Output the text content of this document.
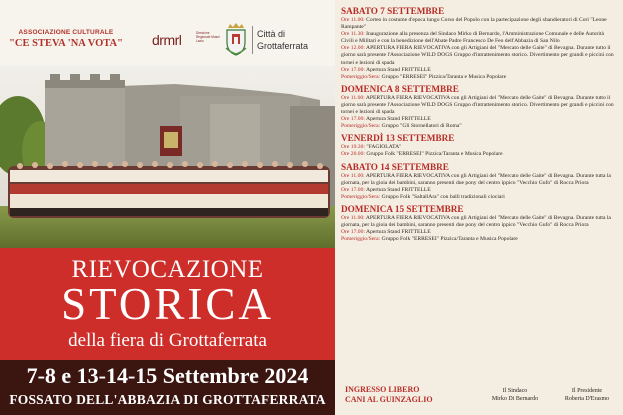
ASSOCIAZIONE CULTURALE
"CE STEVA 'NA VOTA" drmrl	Direzione Regionale Musei Lazio
Città di
Grottaferrata
RIEVOCAZIONE
STORICA
della fiera di Grottaferrata
7-8 e 13-14-15 Settembre 2024
FOSSATO DELL'ABBAZIA DI GROTTAFERRATA
SABATO 7 SETTEMBRE
Ore 11.00: Corteo in costume d'epoca lungo Corso del Popolo con la partecipazione degli sbandieratori di Cori "Leone Rampante"
Ore 11.30: Inaugurazione alla presenza del Sindaco Mirko di Bernardo, l'Amministrazione Comunale e delle Autorità Civili e Militari e con la benedizione dell'Abate Padre Francesco De Feo dell'Abbazia di San Nilo
Ore 12.00: APERTURA FIERA RIEVOCATIVA con gli Artigiani del "Mercato delle Gaite" di Bevagna. Durante tutto il giorno sarà presente l'Associazione WILD DOGS Gruppo d'intrattenimento storico. Divertimento per grandi e piccini con tornei e lezioni di spada
Ore 17.00: Apertura Stand FRITTELLE
Pomeriggio/Sera: Gruppo "ERRESEI" Pizzica/Taranta e Musica Popolare
DOMENICA 8 SETTEMBRE
Ore 11.00: APERTURA FIERA RIEVOCATIVA con gli Artigiani del "Mercato delle Gaite" di Bevagna. Durante tutto il giorno sarà presente l'Associazione WILD DOGS Gruppo d'intrattenimento storico. Divertimento per grandi e piccini con tornei e lezioni di spada
Ore 17.00: Apertura Stand FRITTELLE
Pomeriggio/Sera: Gruppo "Gli Stornellatori di Roma"
VENERDÌ 13 SETTEMBRE
Ore 19.30: "FAGIOLATA"
Ore 20.00: Gruppo Folk "ERRESEI" Pizzica/Taranta e Musica Popolare
SABATO 14 SETTEMBRE
Ore 11.00: APERTURA FIERA RIEVOCATIVA con gli Artigiani del "Mercato delle Gaite" di Bevagna. Durante tutta la giornata, per la gioia dei bambini, saranno presenti due pony del centro ippico "Vecchio Gufo" di Rocca Priora
Ore 17.00: Apertura Stand FRITTELLE
Pomeriggio/Sera: Gruppo Folk "SaltallAra" con balli tradizionali ciociari
DOMENICA 15 SETTEMBRE
Ore 11.00: APERTURA FIERA RIEVOCATIVA con gli Artigiani del "Mercato delle Gaite" di Bevagna. Durante tutta la giornata, per la gioia dei bambini, saranno presenti due pony del centro ippico "Vecchio Gufo" di Rocca Priora
Ore 17.00: Apertura Stand FRITTELLE
Pomeriggio/Sera: Gruppo Folk "ERRESEI" Pizzica/Taranta e Musica Popolare
INGRESSO LIBERO
CANI AL GUINZAGLIO
Il Sindaco
Mirko Di Bernardo
Il Presidente
Roberta D'Erasmo
